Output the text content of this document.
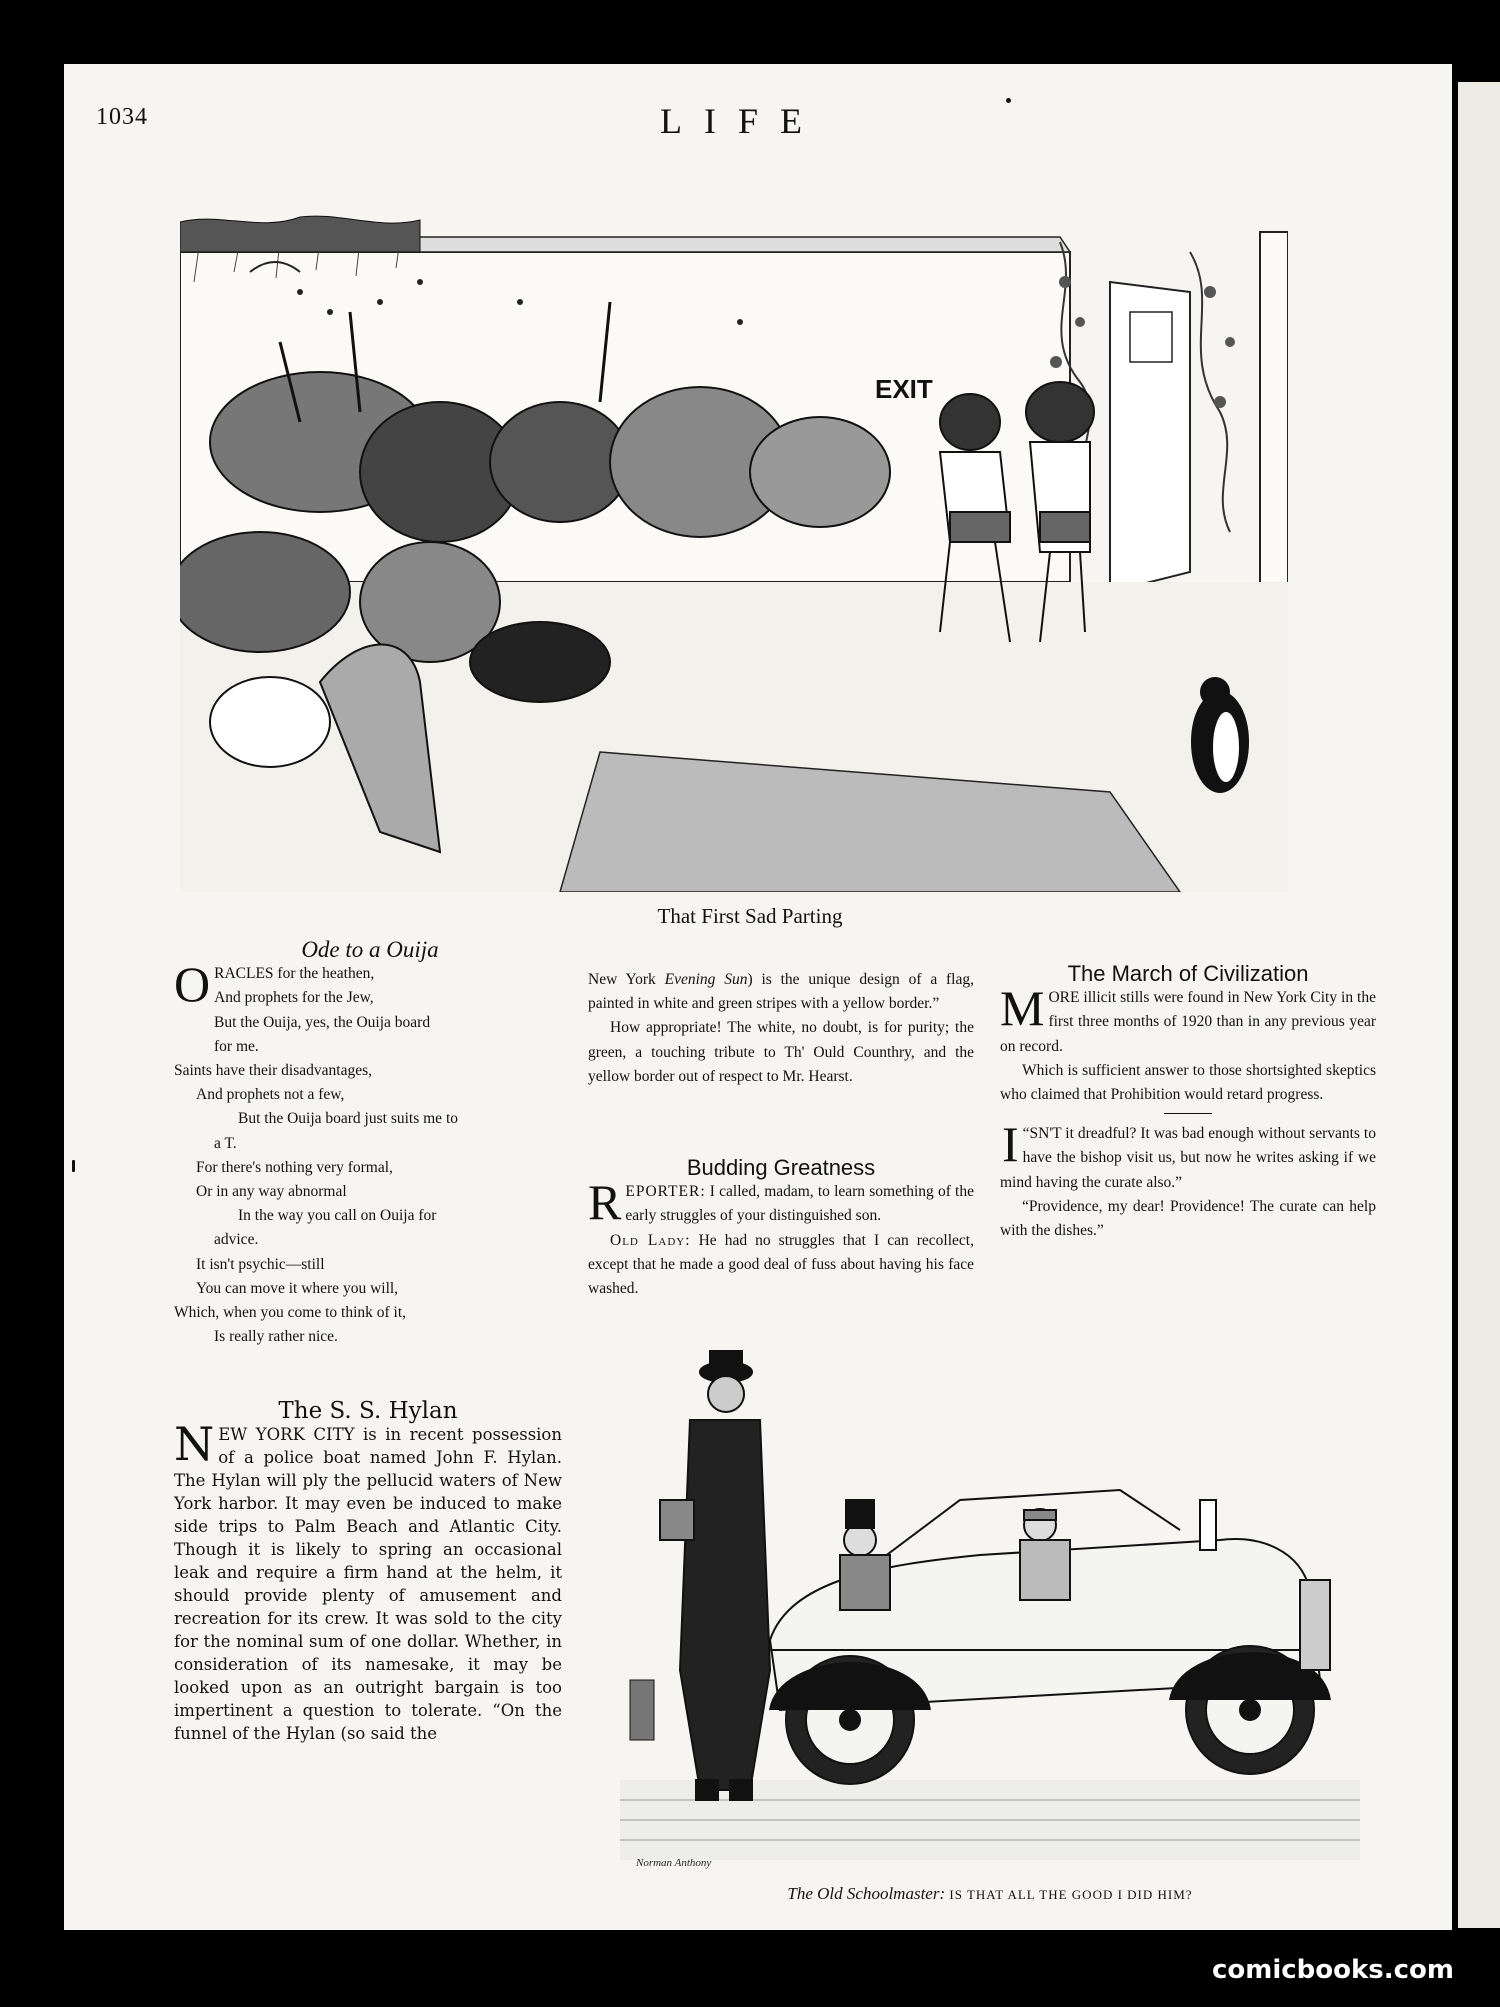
1034	LIFE
EXIT
That First Sad Parting

Ode to a Ouija

O RACLES for the heathen,
And prophets for the Jew,
But the Ouija, yes, the Ouija board
for me.
Saints have their disadvantages,
And prophets not a few,
But the Ouija board just suits me to
a T.
For there's nothing very formal,
Or in any way abnormal
In the way you call on Ouija for
advice.
It isn't psychic—still
You can move it where you will,
Which, when you come to think of it,
Is really rather nice.

The S. S. Hylan

NEW YORK CITY is in recent possession of a police boat named John F. Hylan. The Hylan will ply the pellucid waters of New York harbor. It may even be induced to make side trips to Palm Beach and Atlantic City. Though it is likely to spring an occasional leak and require a firm hand at the helm, it should provide plenty of amusement and recreation for its crew. It was sold to the city for the nominal sum of one dollar. Whether, in consideration of its namesake, it may be looked upon as an outright bargain is too impertinent a question to tolerate. “On the funnel of the Hylan (so said the

New York Evening Sun) is the unique design of a flag, painted in white and green stripes with a yellow border.”

How appropriate! The white, no doubt, is for purity; the green, a touching tribute to Th' Ould Counthry, and the yellow border out of respect to Mr. Hearst.

Budding Greatness

REPORTER: I called, madam, to learn something of the early struggles of your distinguished son.

Old Lady: He had no struggles that I can recollect, except that he made a good deal of fuss about having his face washed.

The March of Civilization

MORE illicit stills were found in New York City in the first three months of 1920 than in any previous year on record.

Which is sufficient answer to those shortsighted skeptics who claimed that Prohibition would retard progress.

“
I SN'T it dreadful? It was bad enough without servants to have the bishop visit us, but now he writes asking if we mind having the curate also.”

“Providence, my dear! Providence! The curate can help with the dishes.”

Norman Anthony
The Old Schoolmaster: IS THAT ALL THE GOOD I DID HIM?
comicbooks.com
